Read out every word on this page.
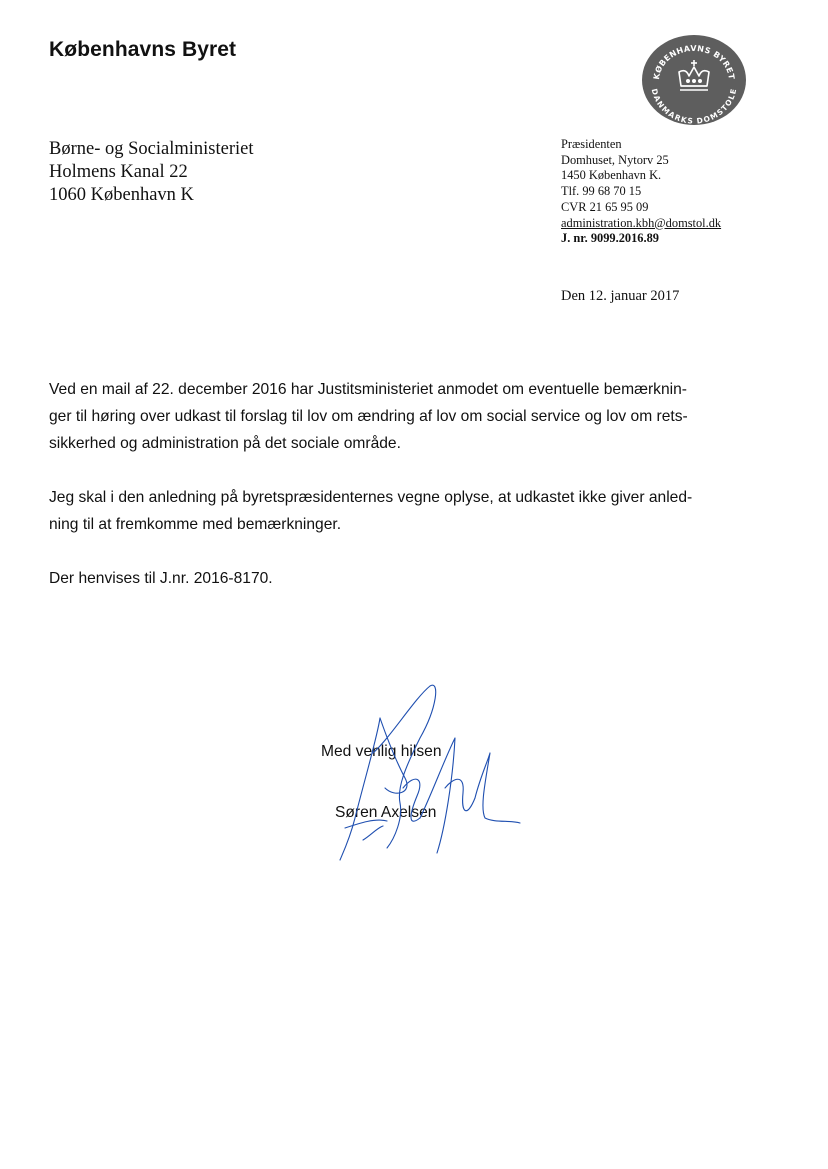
Københavns Byret
KØBENHAVNS BYRET
DANMARKS DOMSTOLE
Børne- og Socialministeriet
Holmens Kanal 22
1060 København K
Præsidenten
Domhuset, Nytorv 25
1450 København K.
Tlf. 99 68 70 15
CVR 21 65 95 09
administration.kbh@domstol.dk
J. nr. 9099.2016.89
Den 12. januar 2017
Ved en mail af 22. december 2016 har Justitsministeriet anmodet om eventuelle bemærknin-
ger til høring over udkast til forslag til lov om ændring af lov om social service og lov om rets-
sikkerhed og administration på det sociale område.
Jeg skal i den anledning på byretspræsidenternes vegne oplyse, at udkastet ikke giver anled-
ning til at fremkomme med bemærkninger.
Der henvises til J.nr. 2016-8170.
Med venlig hilsen
Søren Axelsen
